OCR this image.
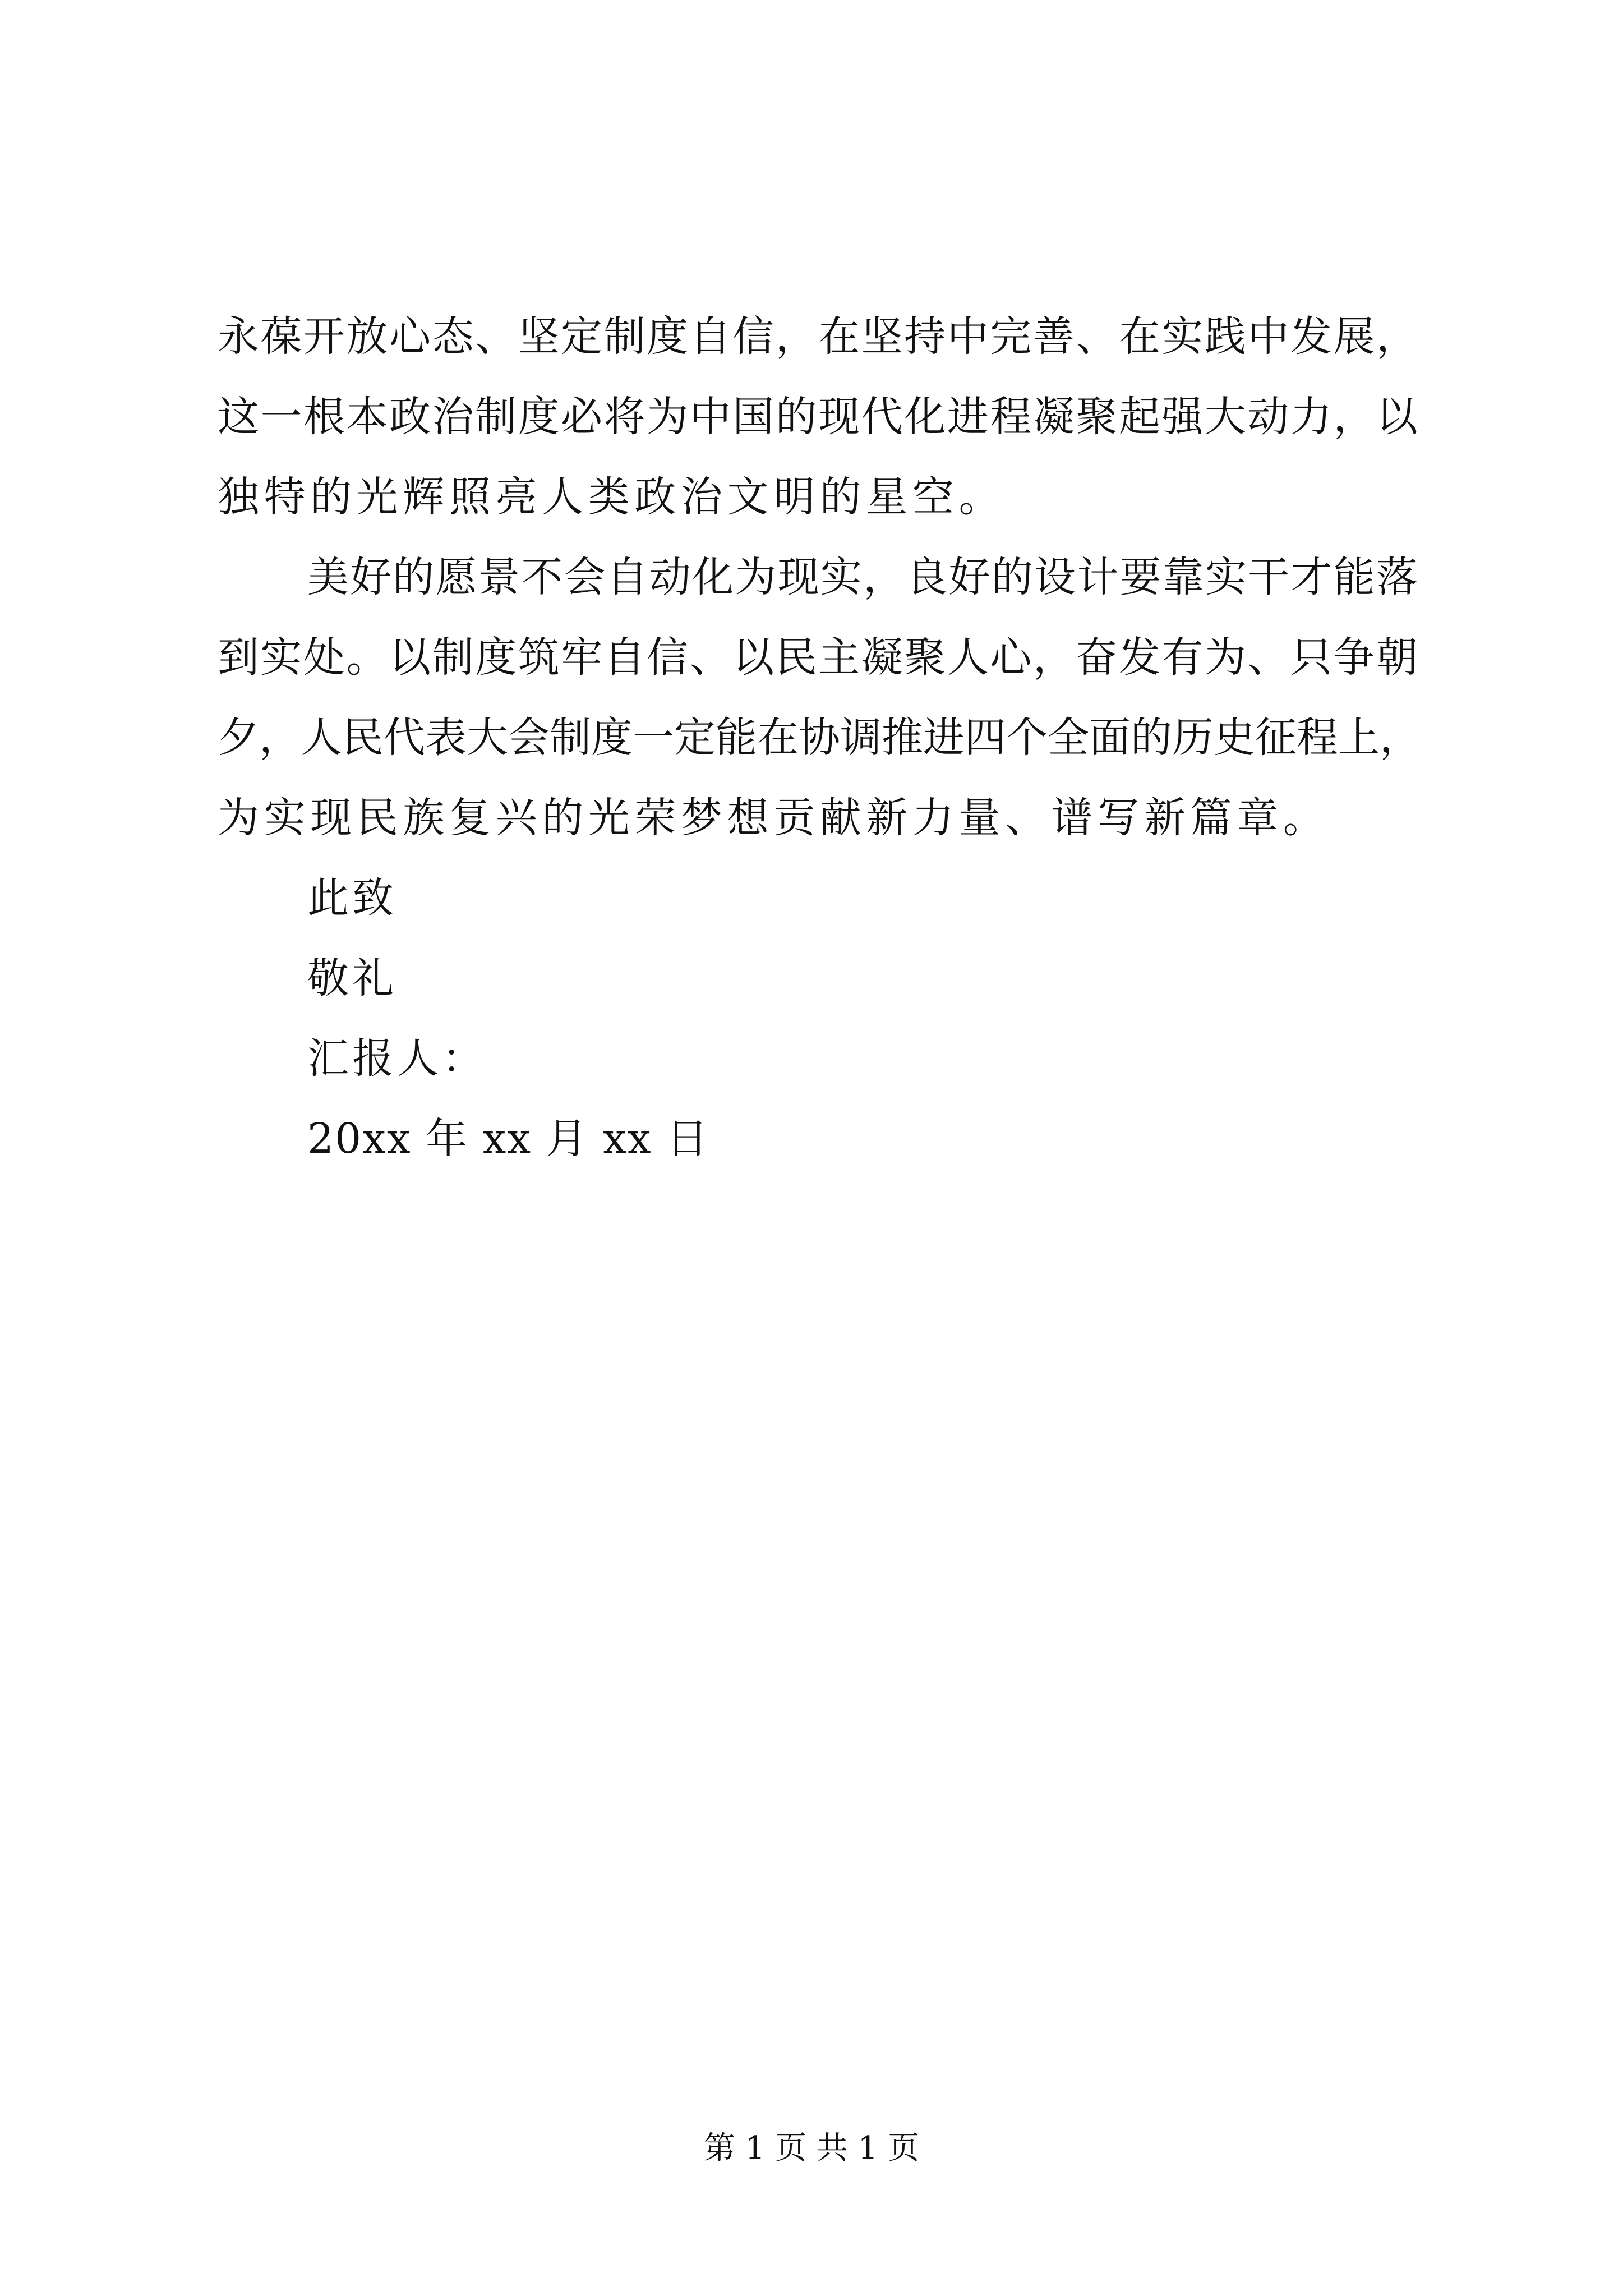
永葆开放心态、坚定制度自信，在坚持中完善、在实践中发展，
这一根本政治制度必将为中国的现代化进程凝聚起强大动力，以
独特的光辉照亮人类政治文明的星空。
美好的愿景不会自动化为现实，良好的设计要靠实干才能落
到实处。以制度筑牢自信、以民主凝聚人心，奋发有为、只争朝
夕，人民代表大会制度一定能在协调推进四个全面的历史征程上，
为实现民族复兴的光荣梦想贡献新力量、谱写新篇章。
此致
敬礼
汇报人：
20xx 年 xx 月 xx 日
第 1 页 共 1 页
